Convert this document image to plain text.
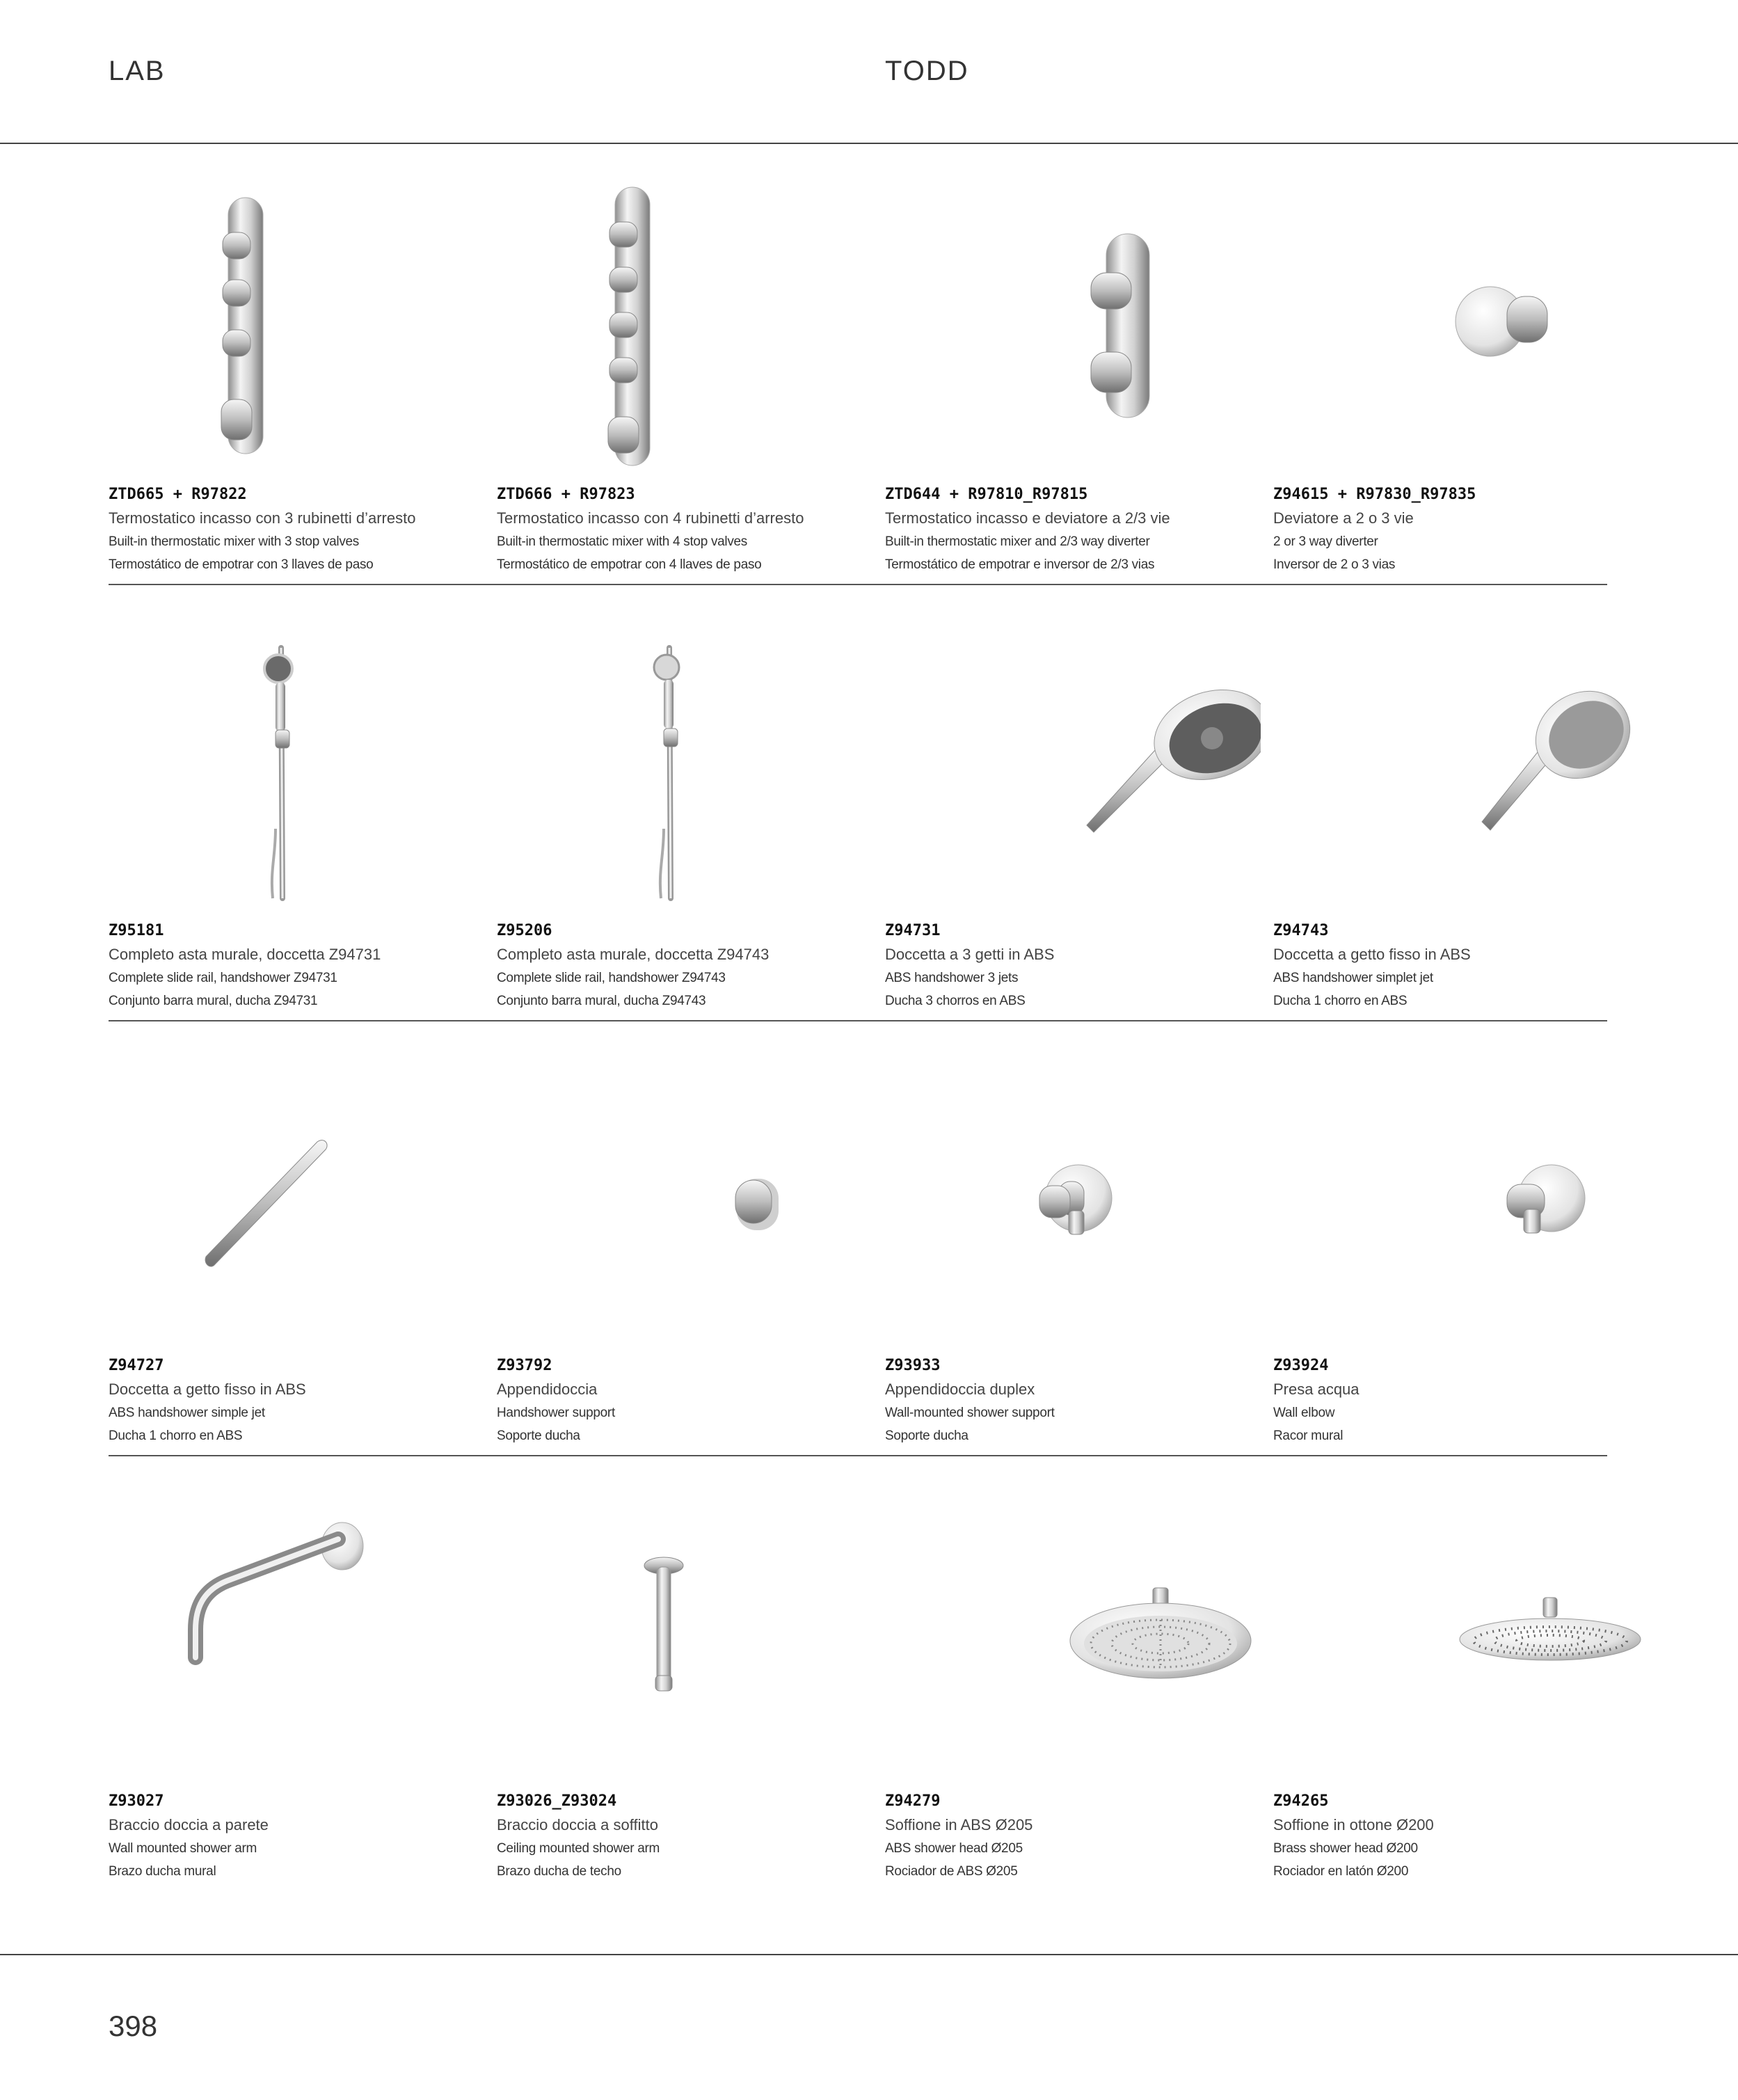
LAB	TODD
ZTD665 + R97822
Termostatico incasso con 3 rubinetti d’arresto
Built-in thermostatic mixer with 3 stop valves
Termostático de empotrar con 3 llaves de paso
ZTD666 + R97823
Termostatico incasso con 4 rubinetti d’arresto
Built-in thermostatic mixer with 4 stop valves
Termostático de empotrar con 4 llaves de paso
ZTD644 + R97810_R97815
Termostatico incasso e deviatore a 2/3 vie
Built-in thermostatic mixer and 2/3 way diverter
Termostático de empotrar e inversor de 2/3 vias
Z94615 + R97830_R97835
Deviatore a 2 o 3 vie
2 or 3 way diverter
Inversor de 2 o 3 vias
Z95181
Completo asta murale, doccetta Z94731
Complete slide rail, handshower Z94731
Conjunto barra mural, ducha Z94731
Z95206
Completo asta murale, doccetta Z94743
Complete slide rail, handshower Z94743
Conjunto barra mural, ducha Z94743
Z94731
Doccetta a 3 getti in ABS
ABS handshower 3 jets
Ducha 3 chorros en ABS
Z94743
Doccetta a getto fisso in ABS
ABS handshower simplet jet
Ducha 1 chorro en ABS
Z94727
Doccetta a getto fisso in ABS
ABS handshower simple jet
Ducha 1 chorro en ABS
Z93792
Appendidoccia
Handshower support
Soporte ducha
Z93933
Appendidoccia duplex
Wall-mounted shower support
Soporte ducha
Z93924
Presa acqua
Wall elbow
Racor mural
Z93027
Braccio doccia a parete
Wall mounted shower arm
Brazo ducha mural
Z93026_Z93024
Braccio doccia a soffitto
Ceiling mounted shower arm
Brazo ducha de techo
Z94279
Soffione in ABS Ø205
ABS shower head Ø205
Rociador de ABS Ø205
Z94265
Soffione in ottone Ø200
Brass shower head Ø200
Rociador en latón Ø200
398
